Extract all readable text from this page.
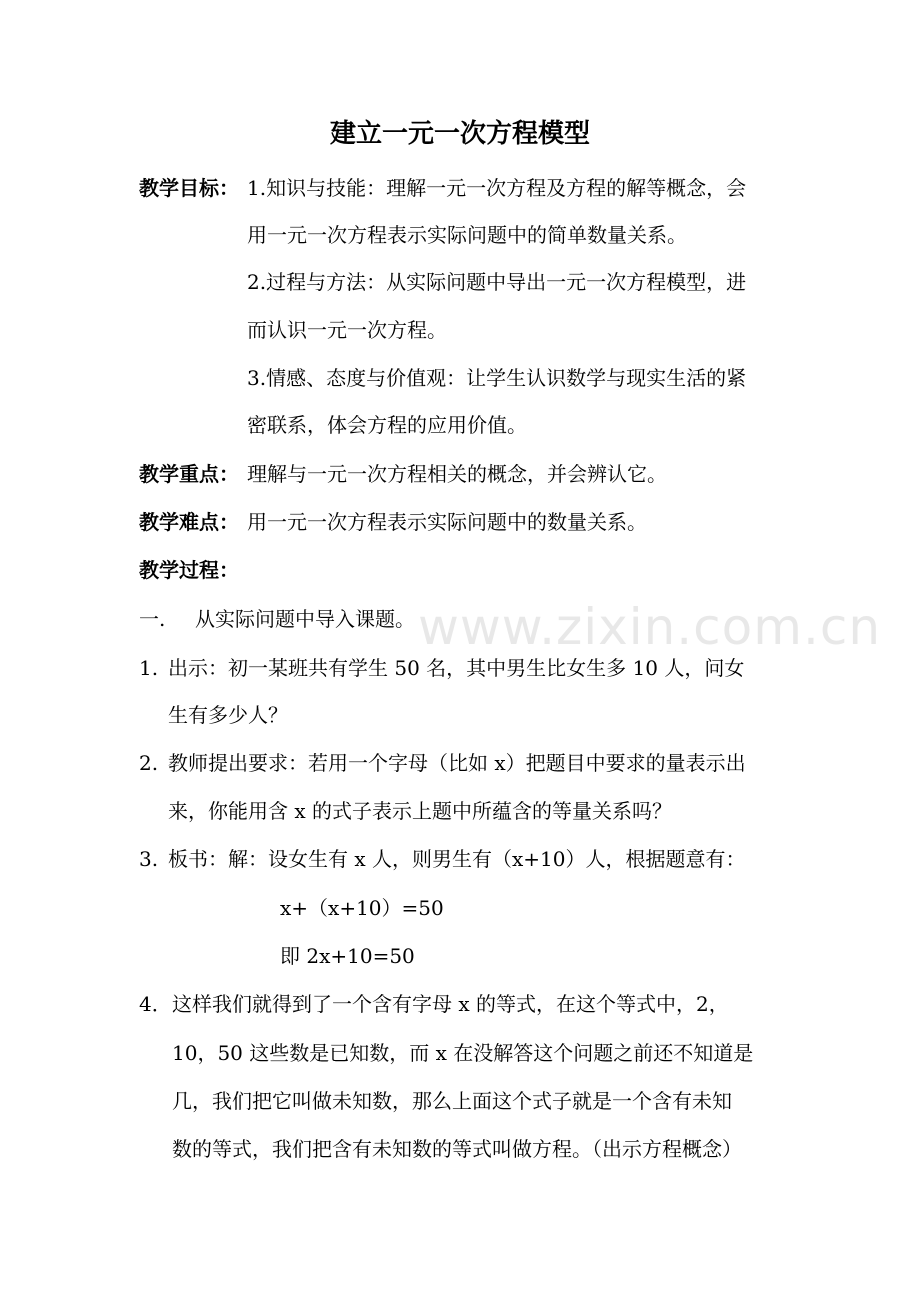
建立一元一次方程模型
教学目标： 1.知识与技能：理解一元一次方程及方程的解等概念，会
用一元一次方程表示实际问题中的简单数量关系。
2.过程与方法：从实际问题中导出一元一次方程模型，进
而认识一元一次方程。
3.情感、态度与价值观：让学生认识数学与现实生活的紧
密联系，体会方程的应用价值。
教学重点： 理解与一元一次方程相关的概念，并会辨认它。
教学难点： 用一元一次方程表示实际问题中的数量关系。
教学过程：
一. 从实际问题中导入课题。
1. 出示：初一某班共有学生 50 名，其中男生比女生多 10 人，问女
生有多少人？
2. 教师提出要求：若用一个字母（比如 x）把题目中要求的量表示出
来，你能用含 x 的式子表示上题中所蕴含的等量关系吗？
3. 板书：解：设女生有 x 人，则男生有（x+10）人，根据题意有：
x+（x+10）=50
即 2x+10=50
4． 这样我们就得到了一个含有字母 x 的等式，在这个等式中，2，
10，50 这些数是已知数，而 x 在没解答这个问题之前还不知道是
几，我们把它叫做未知数，那么上面这个式子就是一个含有未知
数的等式，我们把含有未知数的等式叫做方程。（出示方程概念）
www.zixin.com.cn
